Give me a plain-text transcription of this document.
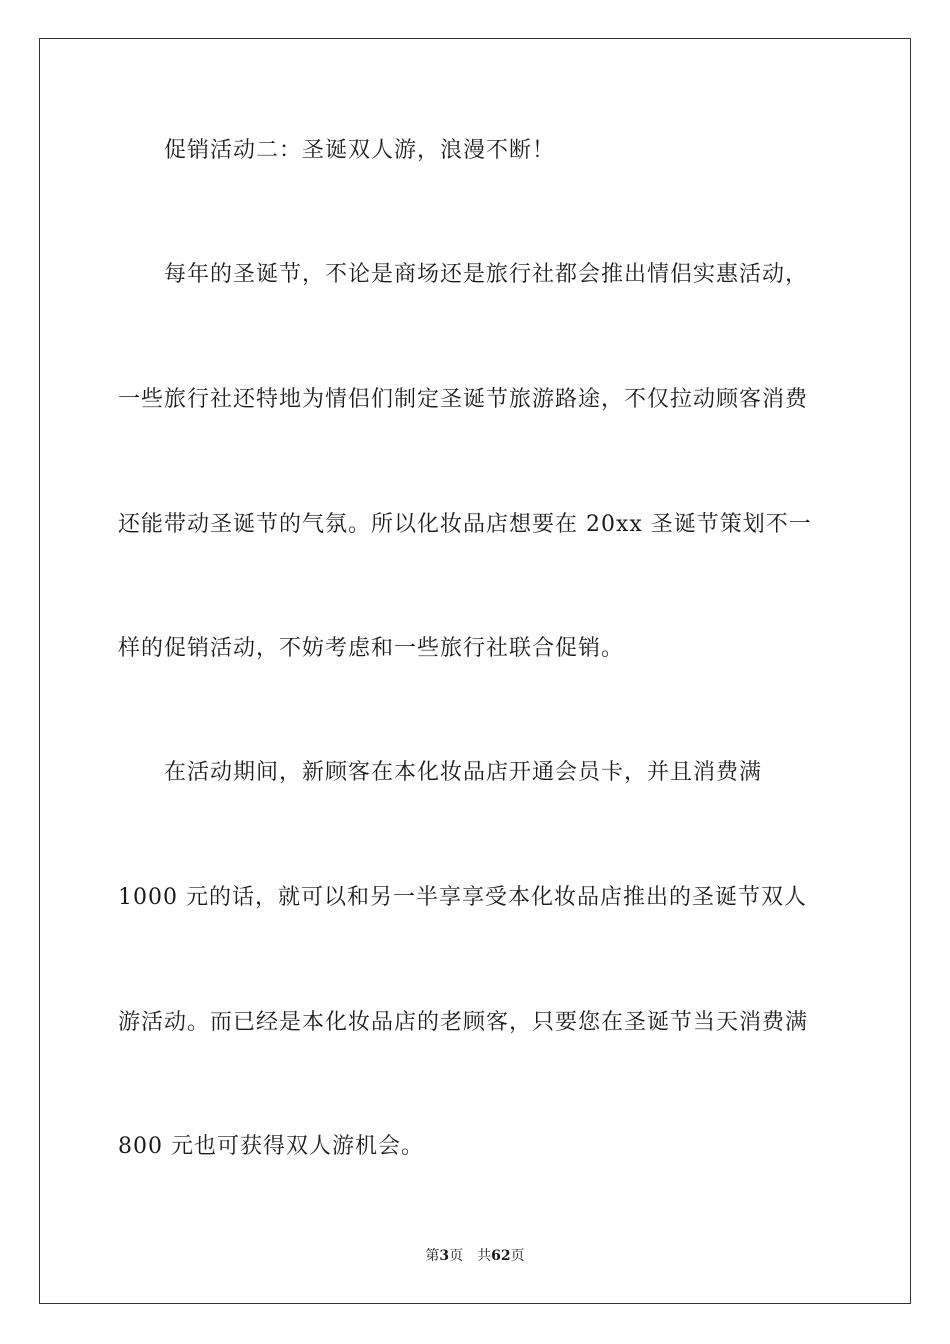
促销活动二：圣诞双人游，浪漫不断！
每年的圣诞节，不论是商场还是旅行社都会推出情侣实惠活动，
一些旅行社还特地为情侣们制定圣诞节旅游路途，不仅拉动顾客消费
还能带动圣诞节的气氛。所以化妆品店想要在 20xx 圣诞节策划不一
样的促销活动，不妨考虑和一些旅行社联合促销。
在活动期间，新顾客在本化妆品店开通会员卡，并且消费满
1000 元的话，就可以和另一半享享受本化妆品店推出的圣诞节双人
游活动。而已经是本化妆品店的老顾客，只要您在圣诞节当天消费满
800 元也可获得双人游机会。
第3页 共62页
